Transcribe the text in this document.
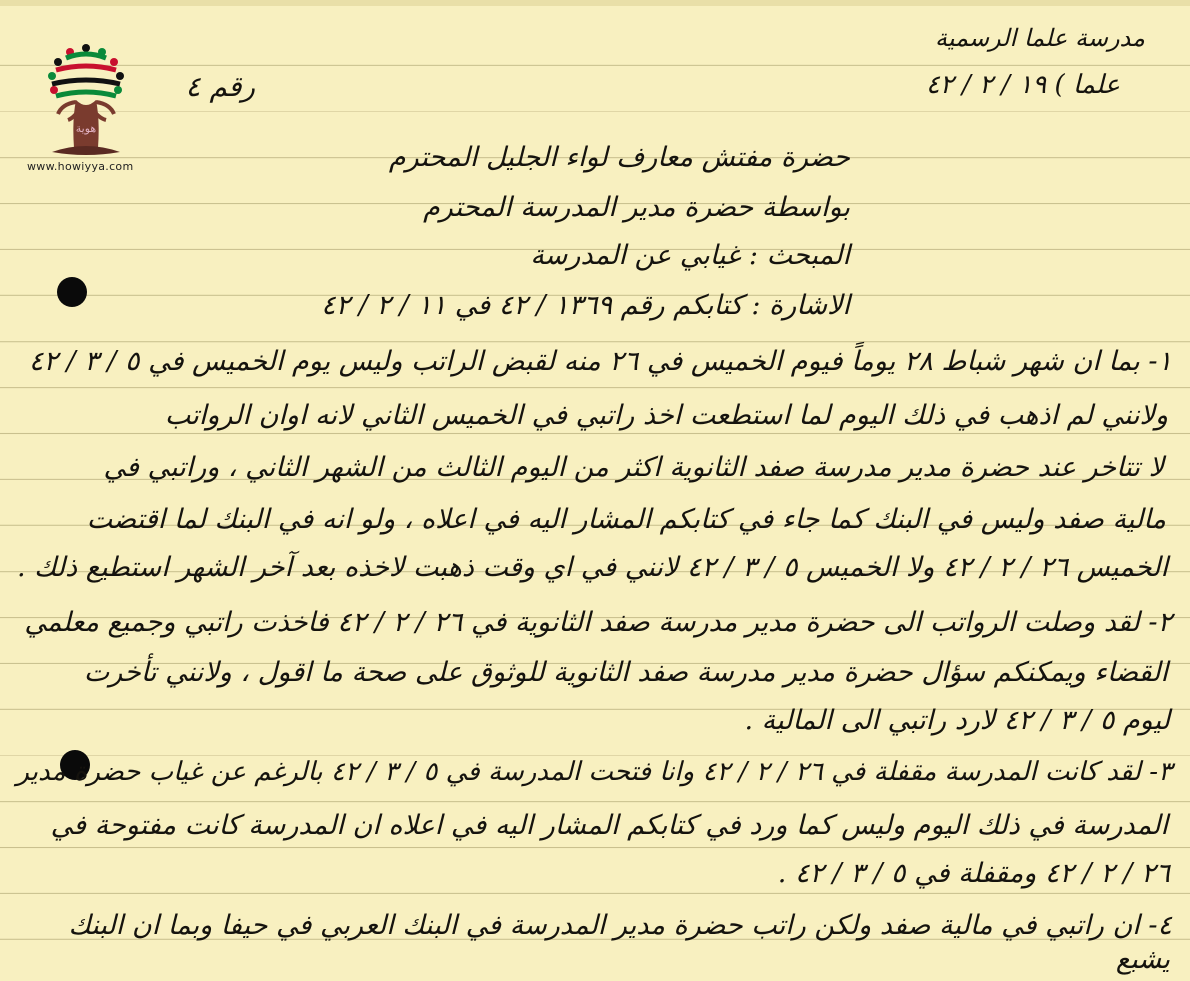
هوية
www.howiyya.com
مدرسة علما الرسمية
علما ) ١٩ / ٢ / ٤٢
رقم ٤
حضرة مفتش معارف لواء الجليل المحترم
بواسطة حضرة مدير المدرسة المحترم
المبحث : غيابي عن المدرسة
الاشارة : كتابكم رقم ١٣٦٩ / ٤٢ في ١١ / ٢ / ٤٢
١- بما ان شهر شباط ٢٨ يوماً فيوم الخميس في ٢٦ منه لقبض الراتب وليس يوم الخميس في ٥ / ٣ / ٤٢
ولانني لم اذهب في ذلك اليوم لما استطعت اخذ راتبي في الخميس الثاني لانه اوان الرواتب
لا تتاخر عند حضرة مدير مدرسة صفد الثانوية اكثر من اليوم الثالث من الشهر الثاني ، وراتبي في
مالية صفد وليس في البنك كما جاء في كتابكم المشار اليه في اعلاه ، ولو انه في البنك لما اقتضت
الخميس ٢٦ / ٢ / ٤٢ ولا الخميس ٥ / ٣ / ٤٢ لانني في اي وقت ذهبت لاخذه بعد آخر الشهر استطيع ذلك .
٢- لقد وصلت الرواتب الى حضرة مدير مدرسة صفد الثانوية في ٢٦ / ٢ / ٤٢ فاخذت راتبي وجميع معلمي
القضاء ويمكنكم سؤال حضرة مدير مدرسة صفد الثانوية للوثوق على صحة ما اقول ، ولانني تأخرت
ليوم ٥ / ٣ / ٤٢ لارد راتبي الى المالية .
٣- لقد كانت المدرسة مقفلة في ٢٦ / ٢ / ٤٢ وانا فتحت المدرسة في ٥ / ٣ / ٤٢ بالرغم عن غياب حضرة مدير
المدرسة في ذلك اليوم وليس كما ورد في كتابكم المشار اليه في اعلاه ان المدرسة كانت مفتوحة في
٢٦ / ٢ / ٤٢ ومقفلة في ٥ / ٣ / ٤٢ .
٤- ان راتبي في مالية صفد ولكن راتب حضرة مدير المدرسة في البنك العربي في حيفا وبما ان البنك
يشبع
